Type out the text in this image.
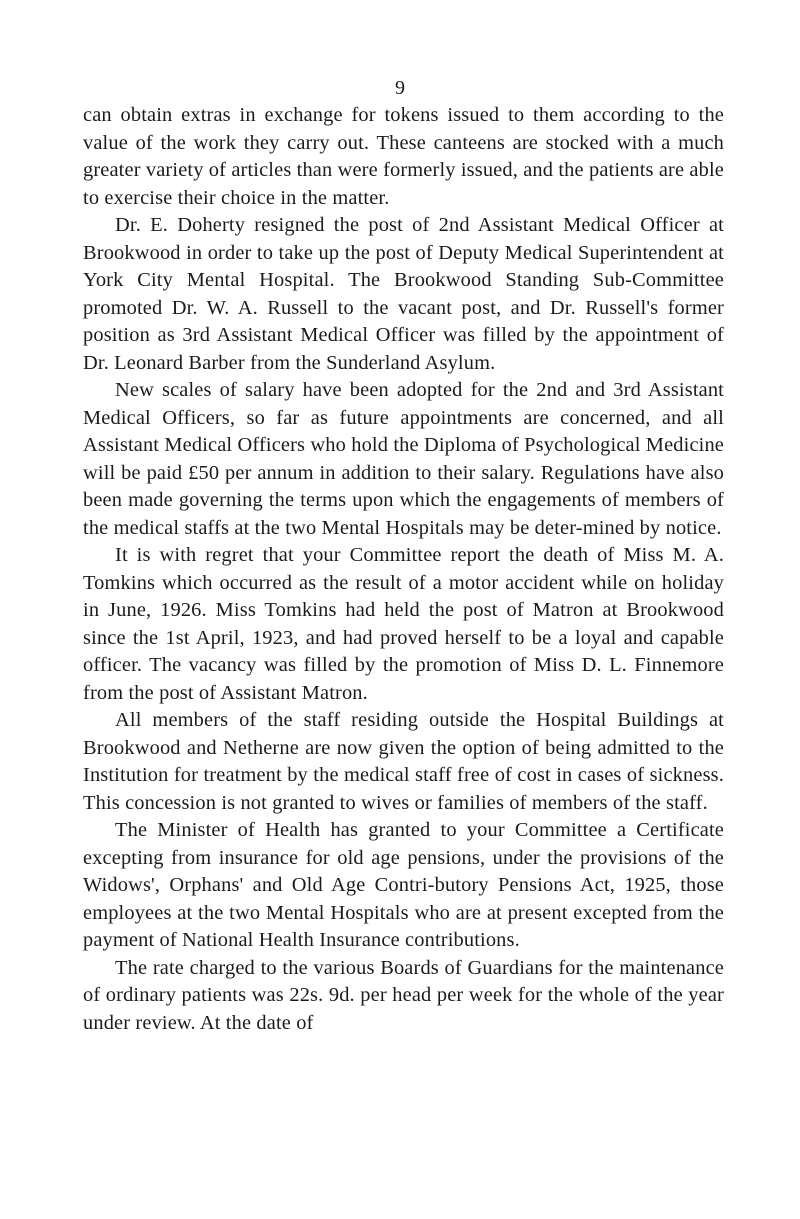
9

can obtain extras in exchange for tokens issued to them according to the value of the work they carry out. These canteens are stocked with a much greater variety of articles than were formerly issued, and the patients are able to exercise their choice in the matter.

Dr. E. Doherty resigned the post of 2nd Assistant Medical Officer at Brookwood in order to take up the post of Deputy Medical Superintendent at York City Mental Hospital. The Brookwood Standing Sub-Committee promoted Dr. W. A. Russell to the vacant post, and Dr. Russell's former position as 3rd Assistant Medical Officer was filled by the appointment of Dr. Leonard Barber from the Sunderland Asylum.

New scales of salary have been adopted for the 2nd and 3rd Assistant Medical Officers, so far as future appointments are concerned, and all Assistant Medical Officers who hold the Diploma of Psychological Medicine will be paid £50 per annum in addition to their salary. Regulations have also been made governing the terms upon which the engagements of members of the medical staffs at the two Mental Hospitals may be deter-mined by notice.

It is with regret that your Committee report the death of Miss M. A. Tomkins which occurred as the result of a motor accident while on holiday in June, 1926. Miss Tomkins had held the post of Matron at Brookwood since the 1st April, 1923, and had proved herself to be a loyal and capable officer. The vacancy was filled by the promotion of Miss D. L. Finnemore from the post of Assistant Matron.

All members of the staff residing outside the Hospital Buildings at Brookwood and Netherne are now given the option of being admitted to the Institution for treatment by the medical staff free of cost in cases of sickness. This concession is not granted to wives or families of members of the staff.

The Minister of Health has granted to your Committee a Certificate excepting from insurance for old age pensions, under the provisions of the Widows', Orphans' and Old Age Contri-butory Pensions Act, 1925, those employees at the two Mental Hospitals who are at present excepted from the payment of National Health Insurance contributions.

The rate charged to the various Boards of Guardians for the maintenance of ordinary patients was 22s. 9d. per head per week for the whole of the year under review. At the date of
